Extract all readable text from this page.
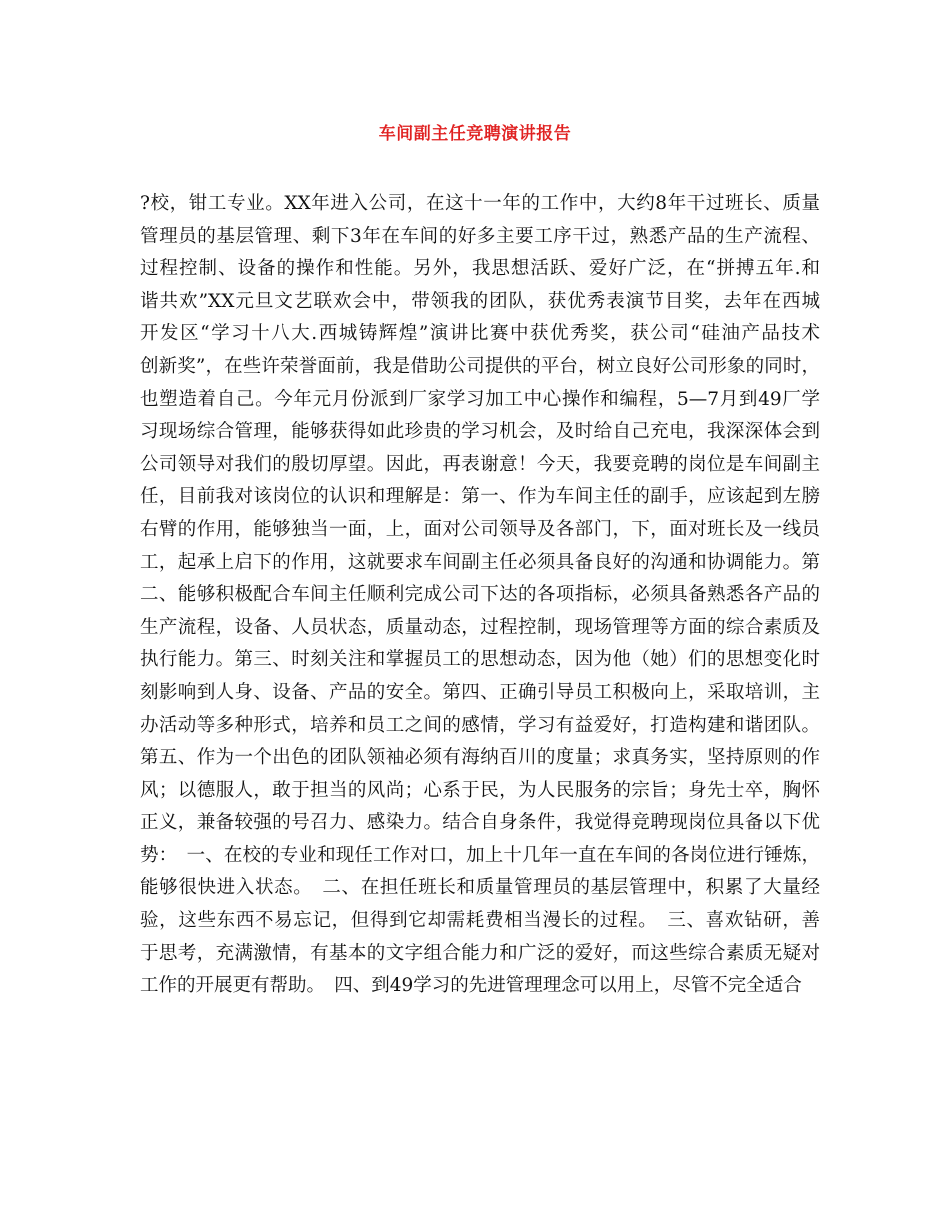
车间副主任竞聘演讲报告
?校，钳工专业。XX年进入公司，在这十一年的工作中，大约8年干过班长、质量
管理员的基层管理、剩下3年在车间的好多主要工序干过，熟悉产品的生产流程、
过程控制、设备的操作和性能。另外，我思想活跃、爱好广泛，在“拼搏五年.和
谐共欢”XX元旦文艺联欢会中，带领我的团队，获优秀表演节目奖，去年在西城
开发区“学习十八大.西城铸辉煌”演讲比赛中获优秀奖，获公司“硅油产品技术
创新奖”，在些许荣誉面前，我是借助公司提供的平台，树立良好公司形象的同时，
也塑造着自己。今年元月份派到厂家学习加工中心操作和编程，5—7月到49厂学
习现场综合管理，能够获得如此珍贵的学习机会，及时给自己充电，我深深体会到
公司领导对我们的殷切厚望。因此，再表谢意！今天，我要竞聘的岗位是车间副主
任，目前我对该岗位的认识和理解是：第一、作为车间主任的副手，应该起到左膀
右臂的作用，能够独当一面，上，面对公司领导及各部门，下，面对班长及一线员
工，起承上启下的作用，这就要求车间副主任必须具备良好的沟通和协调能力。第
二、能够积极配合车间主任顺利完成公司下达的各项指标，必须具备熟悉各产品的
生产流程，设备、人员状态，质量动态，过程控制，现场管理等方面的综合素质及
执行能力。第三、时刻关注和掌握员工的思想动态，因为他（她）们的思想变化时
刻影响到人身、设备、产品的安全。第四、正确引导员工积极向上，采取培训，主
办活动等多种形式，培养和员工之间的感情，学习有益爱好，打造构建和谐团队。
第五、作为一个出色的团队领袖必须有海纳百川的度量；求真务实，坚持原则的作
风；以德服人，敢于担当的风尚；心系于民，为人民服务的宗旨；身先士卒，胸怀
正义，兼备较强的号召力、感染力。结合自身条件，我觉得竞聘现岗位具备以下优
势：　一、在校的专业和现任工作对口，加上十几年一直在车间的各岗位进行锤炼，
能够很快进入状态。　二、在担任班长和质量管理员的基层管理中，积累了大量经
验，这些东西不易忘记，但得到它却需耗费相当漫长的过程。　三、喜欢钻研，善
于思考，充满激情，有基本的文字组合能力和广泛的爱好，而这些综合素质无疑对
工作的开展更有帮助。　四、到49学习的先进管理理念可以用上，尽管不完全适合
